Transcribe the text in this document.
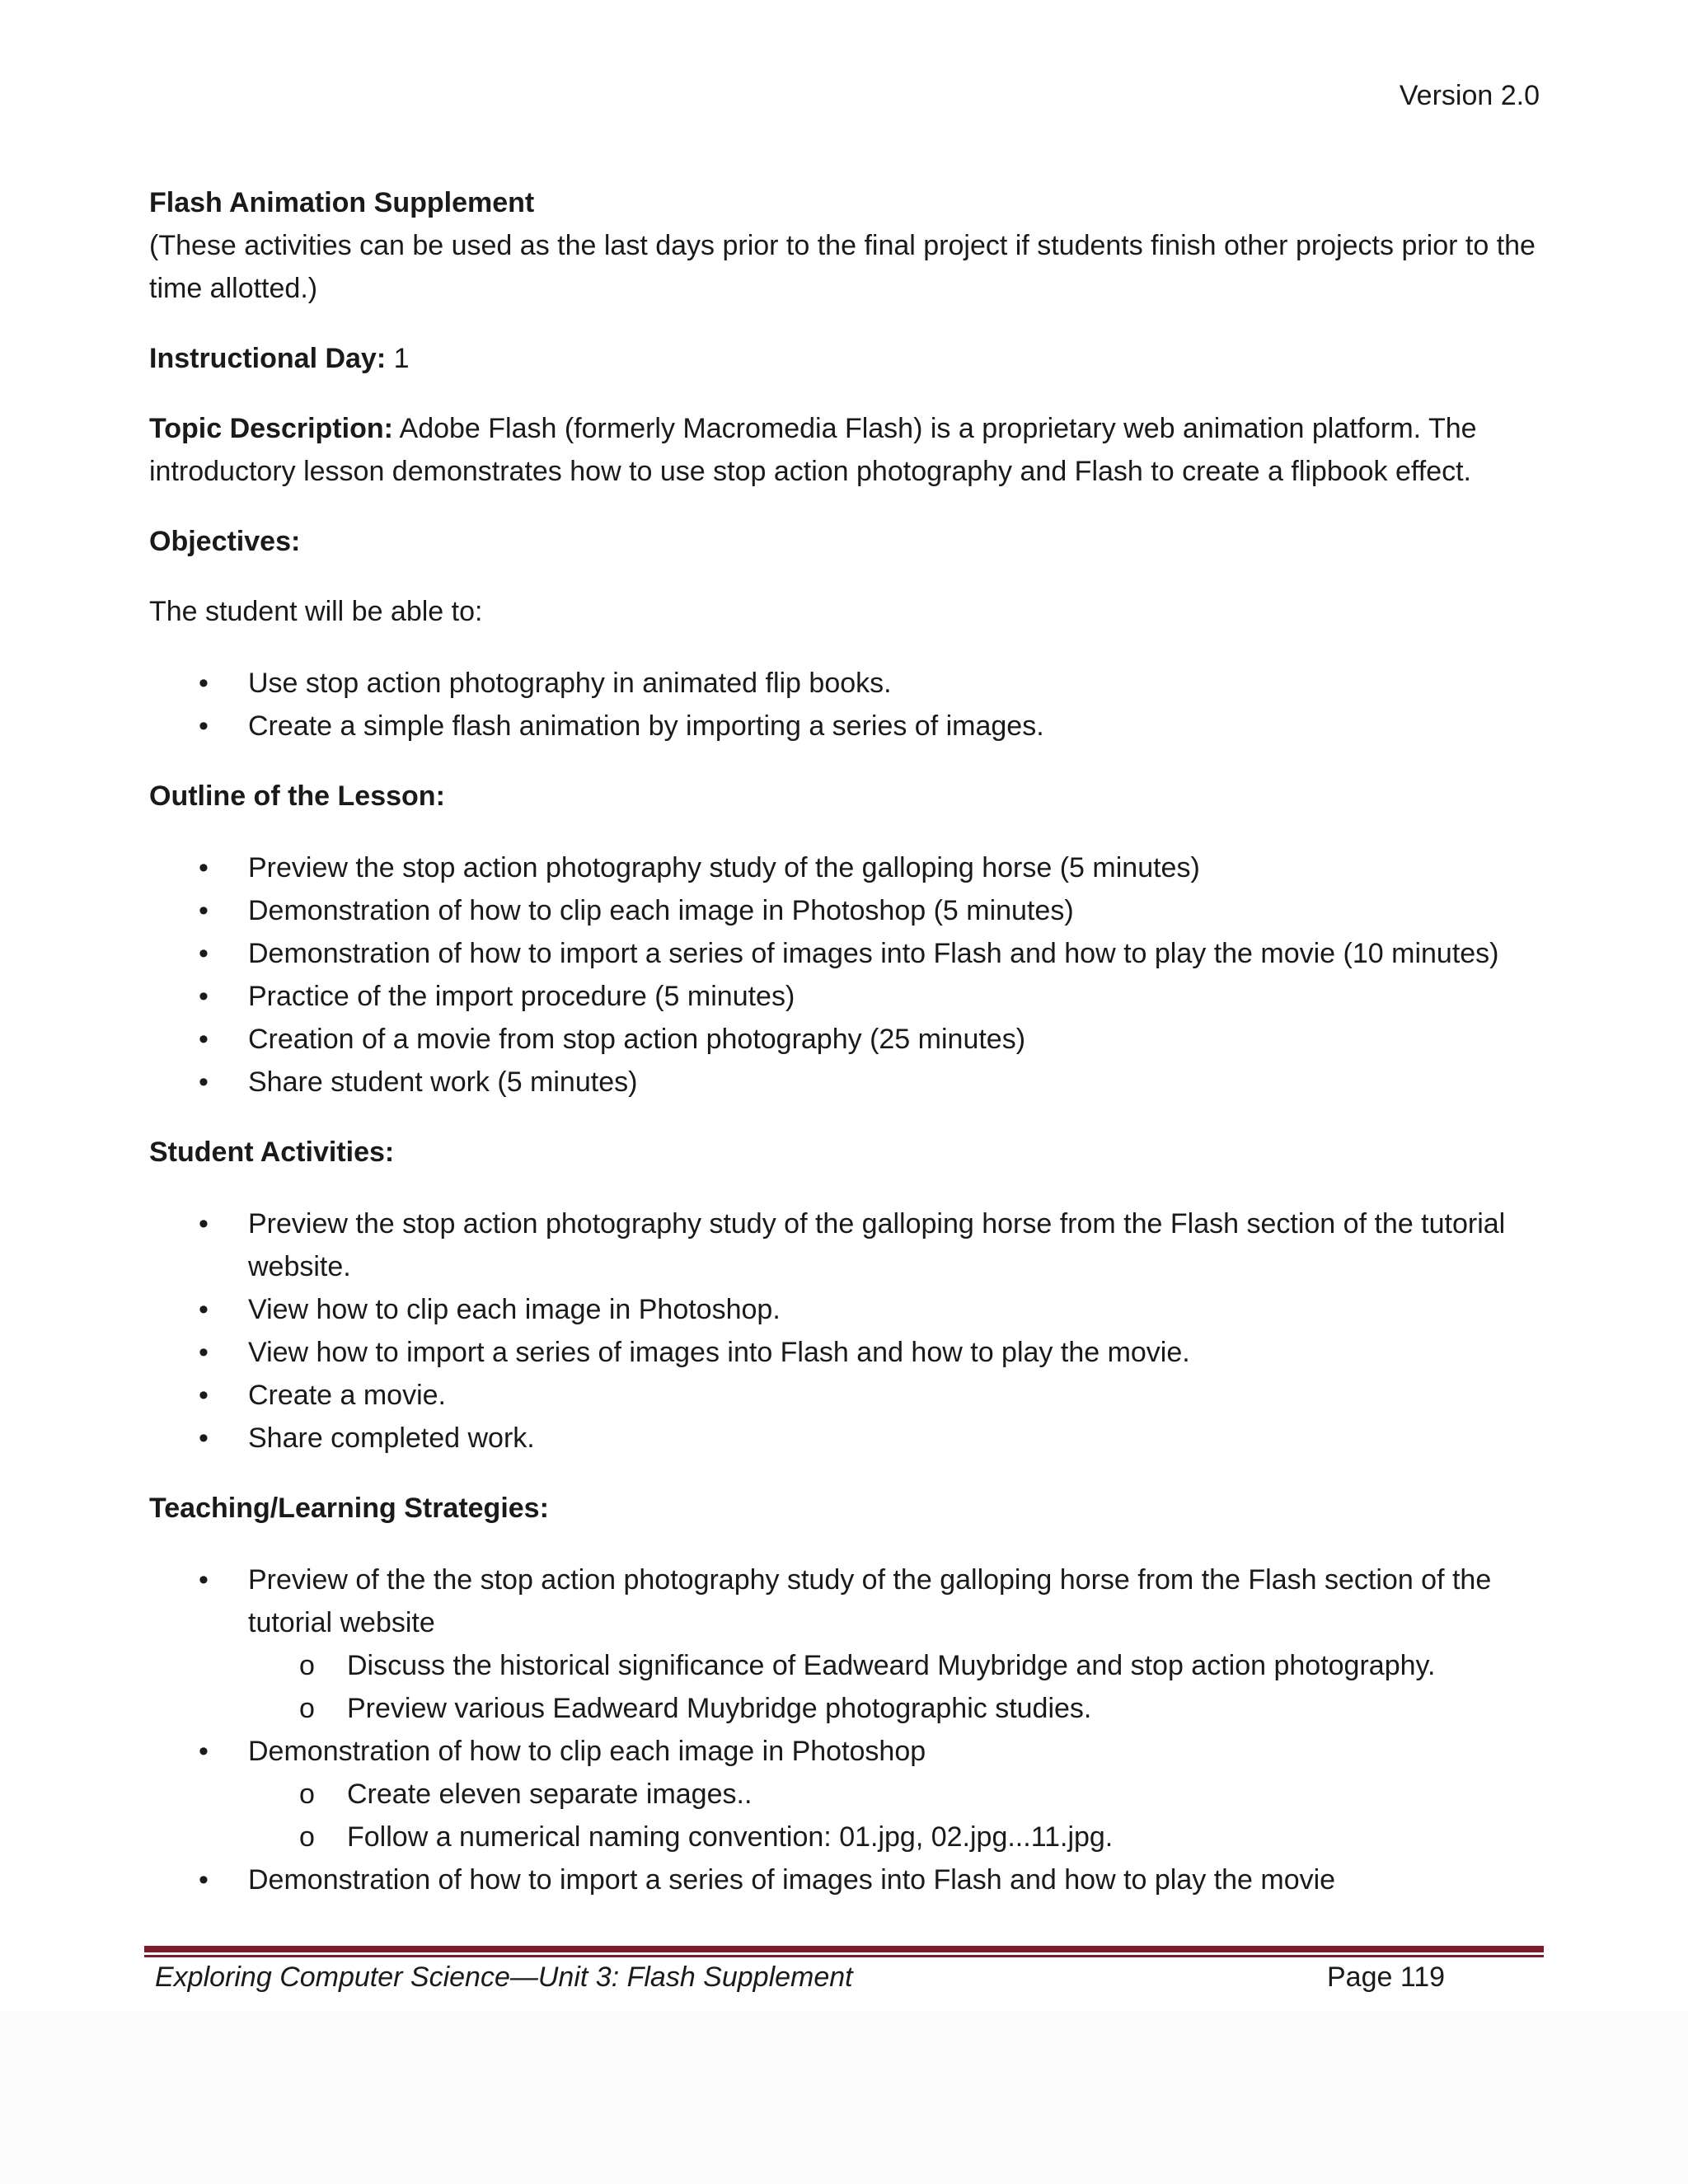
Version 2.0

Flash Animation Supplement

(These activities can be used as the last days prior to the final project if students finish other projects prior to the time allotted.)

Instructional Day: 1

Topic Description: Adobe Flash (formerly Macromedia Flash) is a proprietary web animation platform. The introductory lesson demonstrates how to use stop action photography and Flash to create a flipbook effect.

Objectives:

The student will be able to:

• Use stop action photography in animated flip books.
• Create a simple flash animation by importing a series of images.

Outline of the Lesson:

• Preview the stop action photography study of the galloping horse (5 minutes)
• Demonstration of how to clip each image in Photoshop (5 minutes)
• Demonstration of how to import a series of images into Flash and how to play the movie (10 minutes)
• Practice of the import procedure (5 minutes)
• Creation of a movie from stop action photography (25 minutes)
• Share student work (5 minutes)

Student Activities:

• Preview the stop action photography study of the galloping horse from the Flash section of the tutorial website.
• View how to clip each image in Photoshop.
• View how to import a series of images into Flash and how to play the movie.
• Create a movie.
• Share completed work.

Teaching/Learning Strategies:

• Preview of the the stop action photography study of the galloping horse from the Flash section of the tutorial website
o Discuss the historical significance of Eadweard Muybridge and stop action photography.
o Preview various Eadweard Muybridge photographic studies.
• Demonstration of how to clip each image in Photoshop
o Create eleven separate images..
o Follow a numerical naming convention: 01.jpg, 02.jpg...11.jpg.
• Demonstration of how to import a series of images into Flash and how to play the movie
Exploring Computer Science—Unit 3: Flash Supplement	Page 119
